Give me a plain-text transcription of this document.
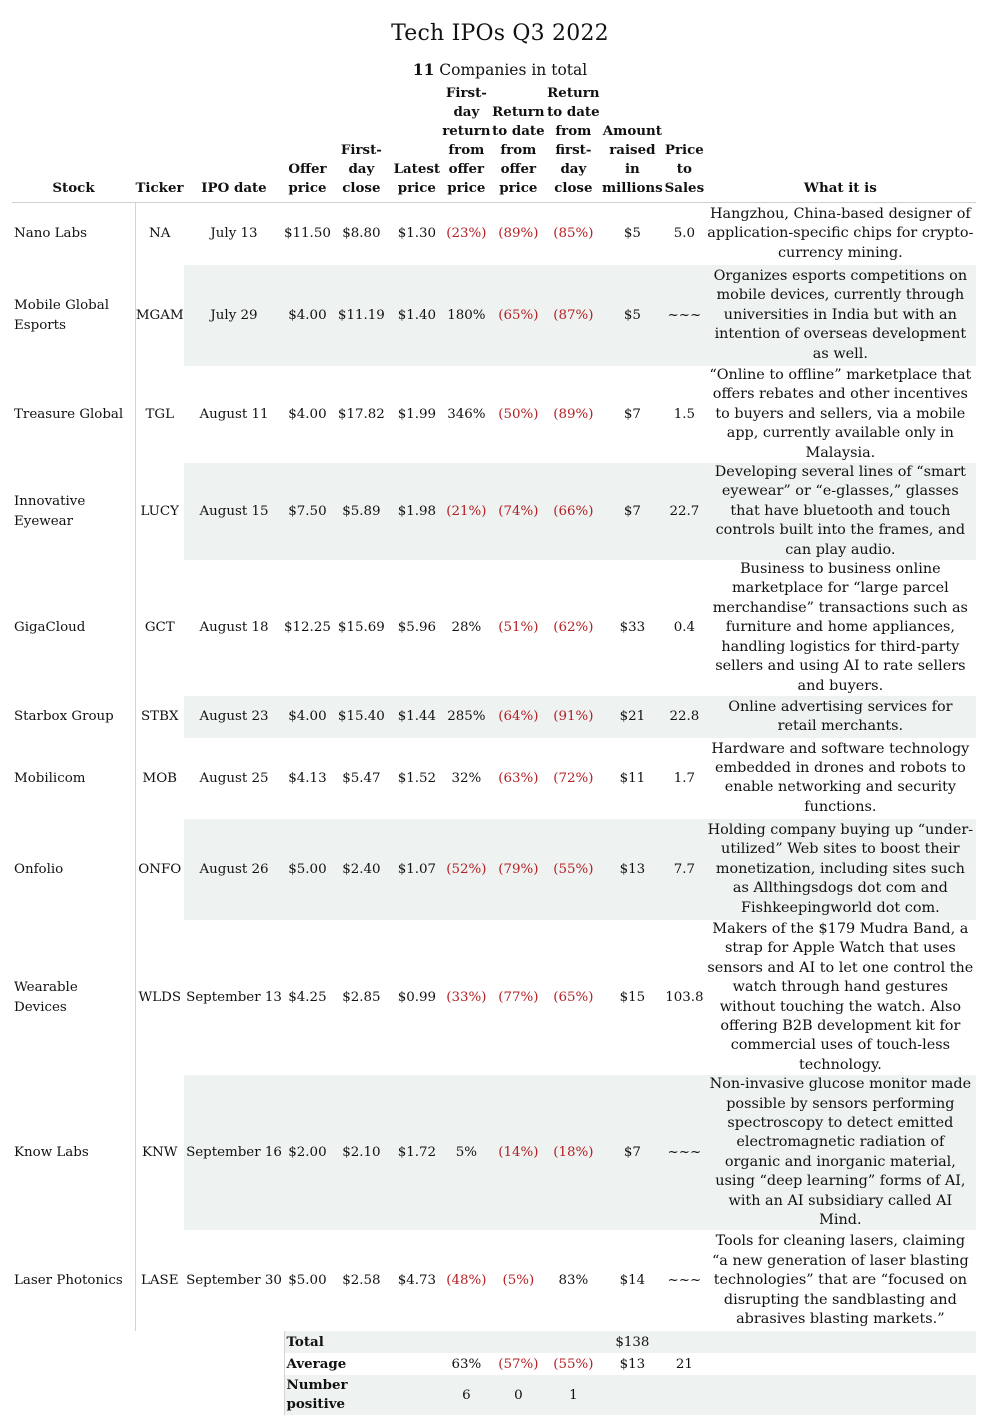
Tech IPOs Q3 2022
11 Companies in total
Stock	Ticker	IPO date	Offer price	First-day close	Latest price	First-day return from offer price	Return to date from offer price	Return to date from first-day close	Amount raised in millions	Price to Sales	What it is
Nano Labs	NA	July 13	$11.50	$8.80	$1.30	(23%)	(89%)	(85%)	$5	5.0	Hangzhou, China-based designer of application-specific chips for crypto-currency mining.
Mobile Global Esports	MGAM	July 29	$4.00	$11.19	$1.40	180%	(65%)	(87%)	$5	~~~	Organizes esports competitions on mobile devices, currently through universities in India but with an intention of overseas development as well.
Treasure Global	TGL	August 11	$4.00	$17.82	$1.99	346%	(50%)	(89%)	$7	1.5	“Online to offline” marketplace that offers rebates and other incentives to buyers and sellers, via a mobile app, currently available only in Malaysia.
Innovative Eyewear	LUCY	August 15	$7.50	$5.89	$1.98	(21%)	(74%)	(66%)	$7	22.7	Developing several lines of “smart eyewear” or “e-glasses,” glasses that have bluetooth and touch controls built into the frames, and can play audio.
GigaCloud	GCT	August 18	$12.25	$15.69	$5.96	28%	(51%)	(62%)	$33	0.4	Business to business online marketplace for “large parcel merchandise” transactions such as furniture and home appliances, handling logistics for third-party sellers and using AI to rate sellers and buyers.
Starbox Group	STBX	August 23	$4.00	$15.40	$1.44	285%	(64%)	(91%)	$21	22.8	Online advertising services for retail merchants.
Mobilicom	MOB	August 25	$4.13	$5.47	$1.52	32%	(63%)	(72%)	$11	1.7	Hardware and software technology embedded in drones and robots to enable networking and security functions.
Onfolio	ONFO	August 26	$5.00	$2.40	$1.07	(52%)	(79%)	(55%)	$13	7.7	Holding company buying up “under-utilized” Web sites to boost their monetization, including sites such as Allthingsdogs dot com and Fishkeepingworld dot com.
Wearable Devices	WLDS	September 13	$4.25	$2.85	$0.99	(33%)	(77%)	(65%)	$15	103.8	Makers of the $179 Mudra Band, a strap for Apple Watch that uses sensors and AI to let one control the watch through hand gestures without touching the watch. Also offering B2B development kit for commercial uses of touch-less technology.
Know Labs	KNW	September 16	$2.00	$2.10	$1.72	5%	(14%)	(18%)	$7	~~~	Non-invasive glucose monitor made possible by sensors performing spectroscopy to detect emitted electromagnetic radiation of organic and inorganic material, using “deep learning” forms of AI, with an AI subsidiary called AI Mind.
Laser Photonics	LASE	September 30	$5.00	$2.58	$4.73	(48%)	(5%)	83%	$14	~~~	Tools for cleaning lasers, claiming “a new generation of laser blasting technologies” that are “focused on disrupting the sandblasting and abrasives blasting markets.”
			Total						$138		
			Average			63%	(57%)	(55%)	$13	21	

			Number positive			6	0	1			
